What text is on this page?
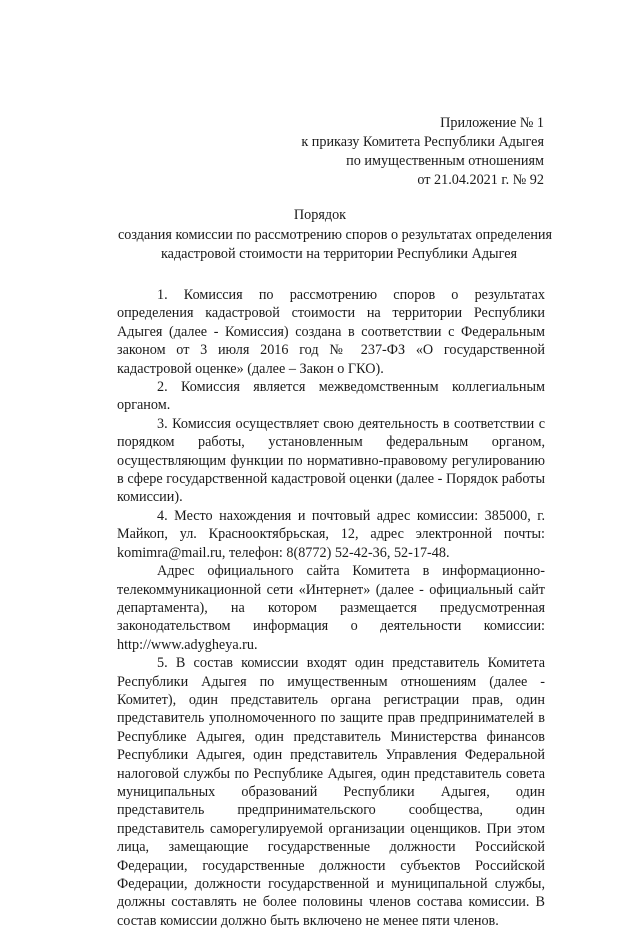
Приложение № 1
к приказу Комитета Республики Адыгея
по имущественным отношениям
от 21.04.2021 г. № 92
Порядок
создания комиссии по рассмотрению споров о результатах определения
кадастровой стоимости на территории Республики Адыгея

1. Комиссия по рассмотрению споров о результатах определения кадастровой стоимости на территории Республики Адыгея (далее - Комиссия) создана в соответствии с Федеральным законом от 3 июля 2016 год № 237-ФЗ «О государственной кадастровой оценке» (далее – Закон о ГКО).

2. Комиссия является межведомственным коллегиальным органом.

3. Комиссия осуществляет свою деятельность в соответствии с порядком работы, установленным федеральным органом, осуществляющим функции по нормативно-правовому регулированию в сфере государственной кадастровой оценки (далее - Порядок работы комиссии).

4. Место нахождения и почтовый адрес комиссии: 385000, г. Майкоп, ул. Краснооктябрьская, 12, адрес электронной почты: komimra@mail.ru, телефон: 8(8772) 52-42-36, 52-17-48.

Адрес официального сайта Комитета в информационно-телекоммуникационной сети «Интернет» (далее - официальный сайт департамента), на котором размещается предусмотренная законодательством информация о деятельности комиссии: http://www.adygheya.ru.

5. В состав комиссии входят один представитель Комитета Республики Адыгея по имущественным отношениям (далее - Комитет), один представитель органа регистрации прав, один представитель уполномоченного по защите прав предпринимателей в Республике Адыгея, один представитель Министерства финансов Республики Адыгея, один представитель Управления Федеральной налоговой службы по Республике Адыгея, один представитель совета муниципальных образований Республики Адыгея, один представитель предпринимательского сообщества, один представитель саморегулируемой организации оценщиков. При этом лица, замещающие государственные должности Российской Федерации, государственные должности субъектов Российской Федерации, должности государственной и муниципальной службы, должны составлять не более половины членов состава комиссии. В состав комиссии должно быть включено не менее пяти членов.
